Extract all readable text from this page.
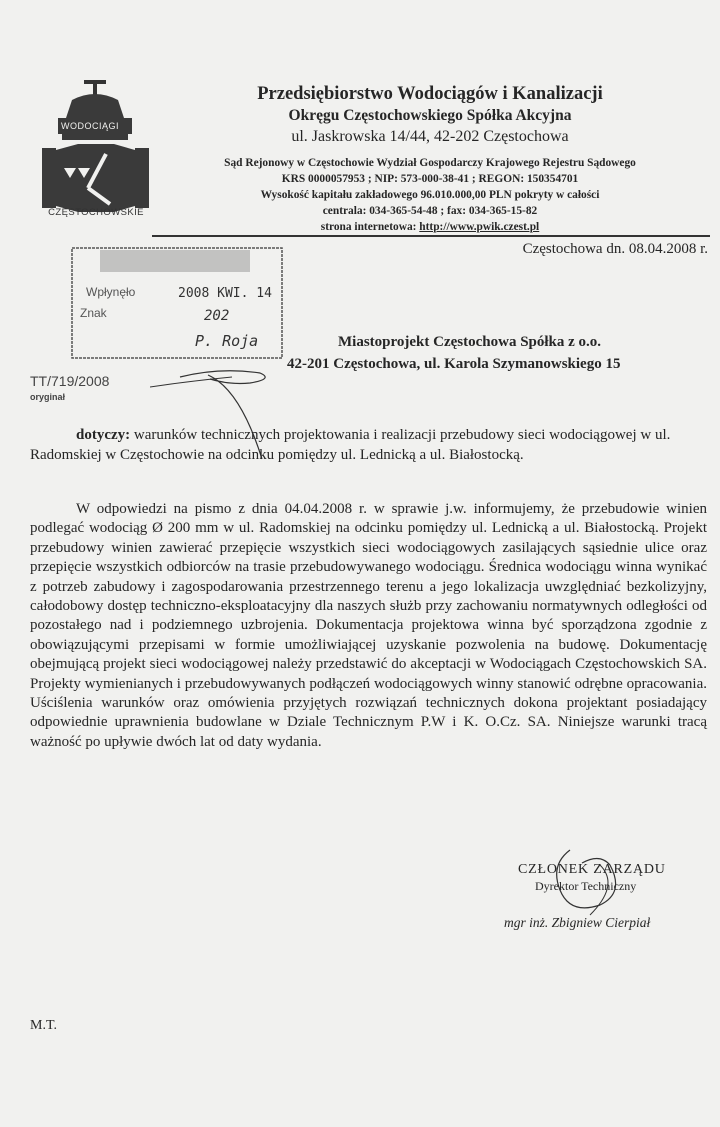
WODOCIĄGI
CZĘSTOCHOWSKIE
Przedsiębiorstwo Wodociągów i Kanalizacji
Okręgu Częstochowskiego Spółka Akcyjna
ul. Jaskrowska 14/44, 42-202 Częstochowa
Sąd Rejonowy w Częstochowie Wydział Gospodarczy Krajowego Rejestru Sądowego
KRS 0000057953 ; NIP: 573-000-38-41 ; REGON: 150354701
Wysokość kapitału zakładowego 96.010.000,00 PLN pokryty w całości
centrala: 034-365-54-48 ; fax: 034-365-15-82
strona internetowa: http://www.pwik.czest.pl
Częstochowa dn. 08.04.2008 r.
Wpłynęło
Znak
2008 KWI. 14
202
P. Roja	Miastoprojekt Częstochowa Spółka z o.o.
42-201 Częstochowa, ul. Karola Szymanowskiego 15
TT/719/2008
oryginał
dotyczy: warunków technicznych projektowania i realizacji przebudowy sieci wodociągowej w ul. Radomskiej w Częstochowie na odcinku pomiędzy ul. Lednicką a ul. Białostocką.

W odpowiedzi na pismo z dnia 04.04.2008 r. w sprawie j.w. informujemy, że przebudowie winien podlegać wodociąg Ø 200 mm w ul. Radomskiej na odcinku pomiędzy ul. Lednicką a ul. Białostocką. Projekt przebudowy winien zawierać przepięcie wszystkich sieci wodociągowych zasilających sąsiednie ulice oraz przepięcie wszystkich odbiorców na trasie przebudowywanego wodociągu. Średnica wodociągu winna wynikać z potrzeb zabudowy i zagospodarowania przestrzennego terenu a jego lokalizacja uwzględniać bezkolizyjny, całodobowy dostęp techniczno-eksploatacyjny dla naszych służb przy zachowaniu normatywnych odległości od pozostałego nad i podziemnego uzbrojenia. Dokumentacja projektowa winna być sporządzona zgodnie z obowiązującymi przepisami w formie umożliwiającej uzyskanie pozwolenia na budowę. Dokumentację obejmującą projekt sieci wodociągowej należy przedstawić do akceptacji w Wodociągach Częstochowskich SA. Projekty wymienianych i przebudowywanych podłączeń wodociągowych winny stanowić odrębne opracowania. Uściślenia warunków oraz omówienia przyjętych rozwiązań technicznych dokona projektant posiadający odpowiednie uprawnienia budowlane w Dziale Technicznym P.W i K. O.Cz. SA. Niniejsze warunki tracą ważność po upływie dwóch lat od daty wydania.

CZŁONEK ZARZĄDU
Dyrektor Techniczny
mgr inż. Zbigniew Cierpiał
M.T.
